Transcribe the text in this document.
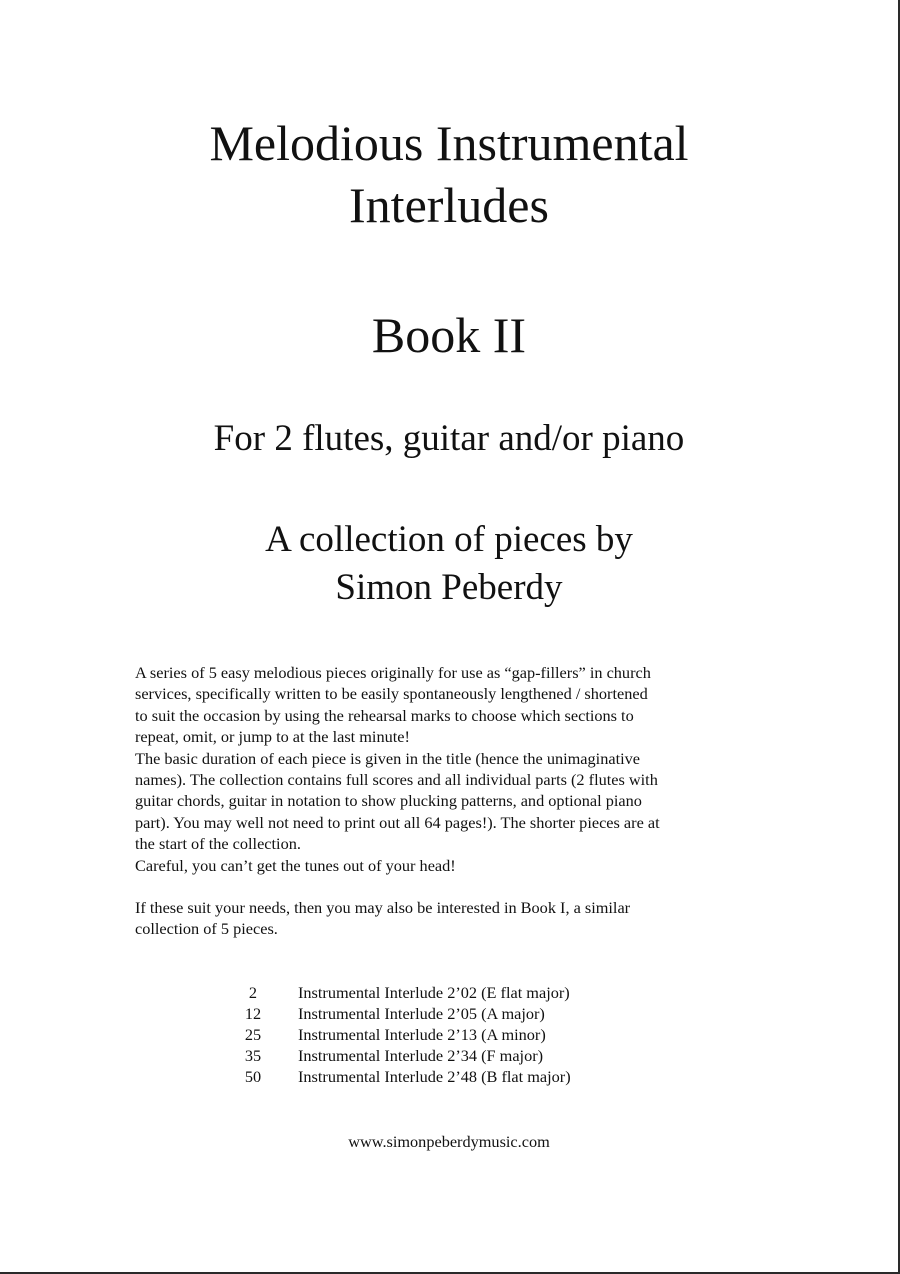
Melodious Instrumental
Interludes
Book II
For 2 flutes, guitar and/or piano
A collection of pieces by
Simon Peberdy

A series of 5 easy melodious pieces originally for use as “gap-fillers” in church
services, specifically written to be easily spontaneously lengthened / shortened
to suit the occasion by using the rehearsal marks to choose which sections to
repeat, omit, or jump to at the last minute!

The basic duration of each piece is given in the title (hence the unimaginative
names). The collection contains full scores and all individual parts (2 flutes with
guitar chords, guitar in notation to show plucking patterns, and optional piano
part). You may well not need to print out all 64 pages!). The shorter pieces are at
the start of the collection.

Careful, you can’t get the tunes out of your head!

If these suit your needs, then you may also be interested in Book I, a similar
collection of 5 pieces.

2	Instrumental Interlude 2’02 (E flat major)
12	Instrumental Interlude 2’05 (A major)
25	Instrumental Interlude 2’13 (A minor)
35	Instrumental Interlude 2’34 (F major)
50	Instrumental Interlude 2’48 (B flat major)
www.simonpeberdymusic.com
